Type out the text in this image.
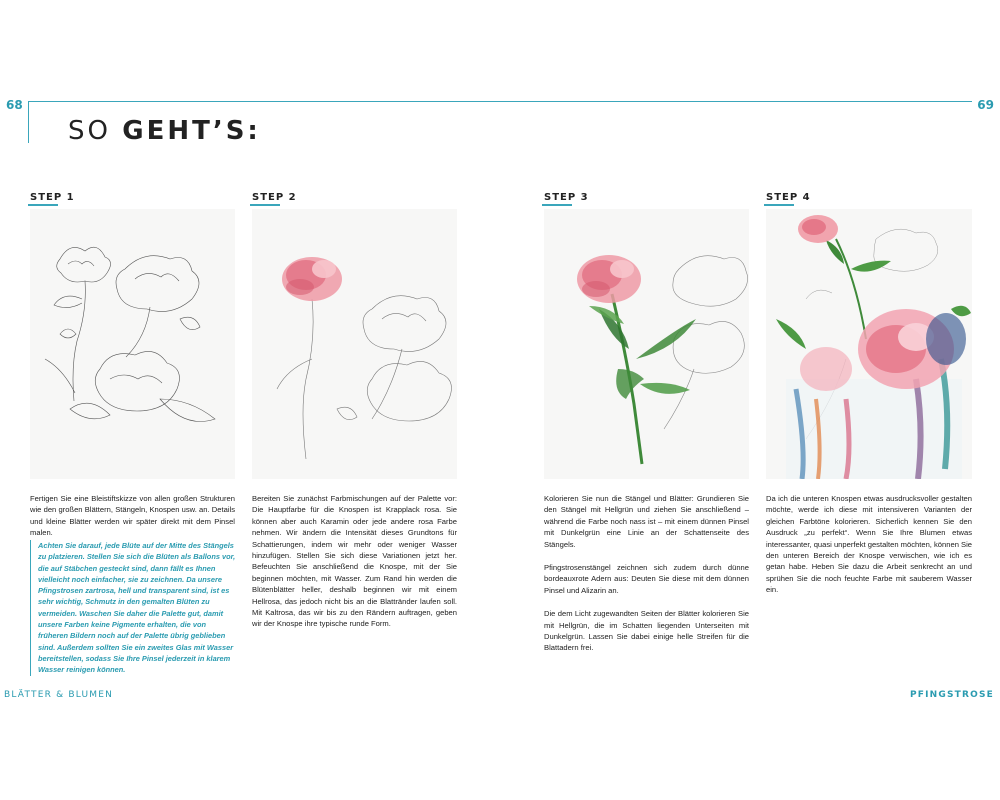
68	69
SO GEHT’S:
STEP 1	STEP 2	STEP 3	STEP 4

Fertigen Sie eine Bleistiftskizze von allen großen Strukturen wie den großen Blättern, Stängeln, Knospen usw. an. Details und kleine Blätter werden wir später direkt mit dem Pinsel malen.

Achten Sie darauf, jede Blüte auf der Mitte des Stängels zu platzieren. Stellen Sie sich die Blüten als Ballons vor, die auf Stäbchen gesteckt sind, dann fällt es Ihnen vielleicht noch einfacher, sie zu zeichnen. Da unsere Pfingstrosen zartrosa, hell und transparent sind, ist es sehr wichtig, Schmutz in den gemalten Blüten zu vermeiden. Waschen Sie daher die Palette gut, damit unsere Farben keine Pigmente erhalten, die von früheren Bildern noch auf der Palette übrig geblieben sind. Außerdem sollten Sie ein zweites Glas mit Wasser bereitstellen, sodass Sie Ihre Pinsel jederzeit in klarem Wasser reinigen können.

Bereiten Sie zunächst Farbmischungen auf der Palette vor: Die Hauptfarbe für die Knospen ist Krapplack rosa. Sie können aber auch Karamin oder jede andere rosa Farbe nehmen. Wir ändern die Intensität dieses Grundtons für Schattierungen, indem wir mehr oder weniger Wasser hinzufügen. Stellen Sie sich diese Variationen jetzt her. Befeuchten Sie anschließend die Knospe, mit der Sie beginnen möchten, mit Wasser. Zum Rand hin werden die Blütenblätter heller, deshalb beginnen wir mit einem Hellrosa, das jedoch nicht bis an die Blattränder laufen soll. Mit Kaltrosa, das wir bis zu den Rändern auftragen, geben wir der Knospe ihre typische runde Form.

Kolorieren Sie nun die Stängel und Blätter: Grundieren Sie den Stängel mit Hellgrün und ziehen Sie anschließend – während die Farbe noch nass ist – mit einem dünnen Pinsel mit Dunkelgrün eine Linie an der Schattenseite des Stängels.

Pfingstrosenstängel zeichnen sich zudem durch dünne bordeauxrote Adern aus: Deuten Sie diese mit dem dünnen Pinsel und Alizarin an.

Die dem Licht zugewandten Seiten der Blätter kolorieren Sie mit Hellgrün, die im Schatten liegenden Unterseiten mit Dunkelgrün. Lassen Sie dabei einige helle Streifen für die Blattadern frei.

Da ich die unteren Knospen etwas ausdrucksvoller gestalten möchte, werde ich diese mit intensiveren Varianten der gleichen Farbtöne kolorieren. Sicherlich kennen Sie den Ausdruck „zu perfekt“. Wenn Sie Ihre Blumen etwas interessanter, quasi unperfekt gestalten möchten, können Sie den unteren Bereich der Knospe verwischen, wie ich es getan habe. Heben Sie dazu die Arbeit senkrecht an und sprühen Sie die noch feuchte Farbe mit sauberem Wasser ein.

BLÄTTER & BLUMEN	PFINGSTROSE
